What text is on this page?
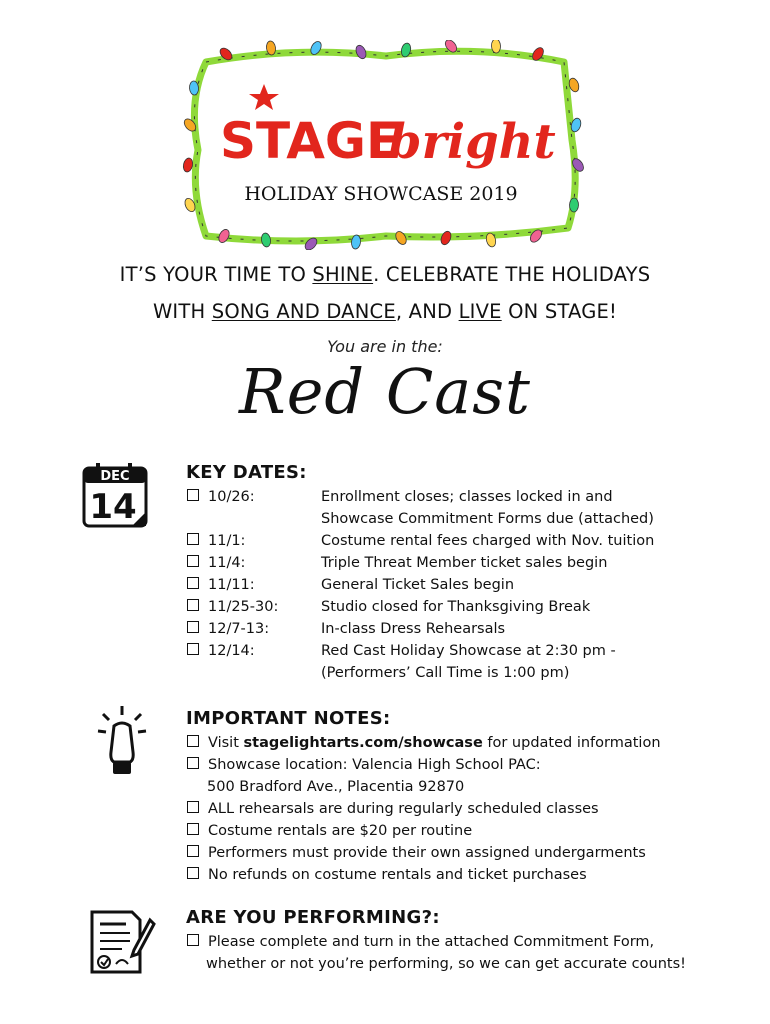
STAGE
bright
HOLIDAY SHOWCASE 2019
IT’S YOUR TIME TO SHINE. CELEBRATE THE HOLIDAYS
WITH SONG AND DANCE, AND LIVE ON STAGE!
You are in the:
Red Cast
DEC
14
KEY DATES:
10/26:	Enrollment closes; classes locked in and
Showcase Commitment Forms due (attached)
11/1:	Costume rental fees charged with Nov. tuition
11/4:	Triple Threat Member ticket sales begin
11/11:	General Ticket Sales begin
11/25-30:	Studio closed for Thanksgiving Break
12/7-13:	In-class Dress Rehearsals
12/14:	Red Cast Holiday Showcase at 2:30 pm -
(Performers’ Call Time is 1:00 pm)
IMPORTANT NOTES:
Visit stagelightarts.com/showcase for updated information
Showcase location: Valencia High School PAC:
500 Bradford Ave., Placentia 92870
ALL rehearsals are during regularly scheduled classes
Costume rentals are $20 per routine
Performers must provide their own assigned undergarments
No refunds on costume rentals and ticket purchases
ARE YOU PERFORMING?:
Please complete and turn in the attached Commitment Form,
whether or not you’re performing, so we can get accurate counts!
